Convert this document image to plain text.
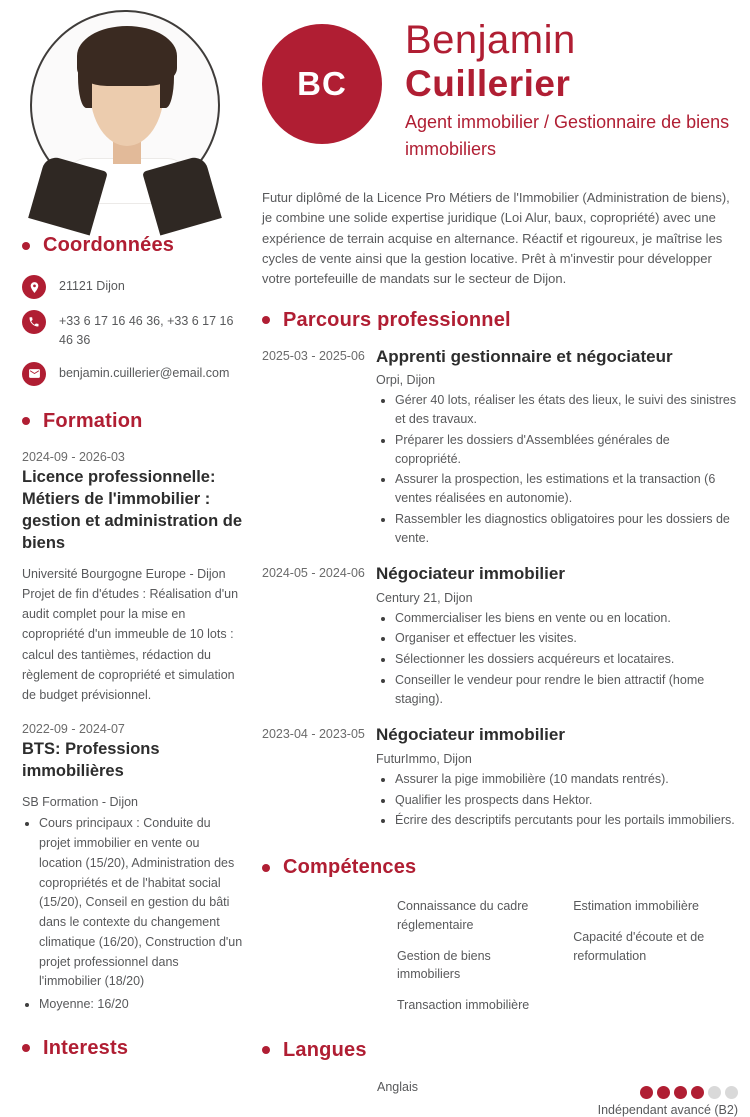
Coordonnées
21121 Dijon
+33 6 17 16 46 36, +33 6 17 16 46 36
benjamin.cuillerier@email.com
Formation
2024-09 - 2026-03
Licence professionnelle: Métiers de l'immobilier : gestion et administration de biens
Université Bourgogne Europe - Dijon
Projet de fin d'études : Réalisation d'un audit complet pour la mise en copropriété d'un immeuble de 10 lots : calcul des tantièmes, rédaction du règlement de copropriété et simulation de budget prévisionnel.
2022-09 - 2024-07
BTS: Professions immobilières
SB Formation - Dijon
• Cours principaux : Conduite du projet immobilier en vente ou location (15/20), Administration des copropriétés et de l'habitat social (15/20), Conseil en gestion du bâti dans le contexte du changement climatique (16/20), Construction d'un projet professionnel dans l'immobilier (18/20)
• Moyenne: 16/20
Interests
BC
Benjamin
Cuillerier
Agent immobilier / Gestionnaire de biens immobiliers

Futur diplômé de la Licence Pro Métiers de l'Immobilier (Administration de biens), je combine une solide expertise juridique (Loi Alur, baux, copropriété) avec une expérience de terrain acquise en alternance. Réactif et rigoureux, je maîtrise les cycles de vente ainsi que la gestion locative. Prêt à m'investir pour développer votre portefeuille de mandats sur le secteur de Dijon.

Parcours professionnel
2025-03 - 2025-06 Apprenti gestionnaire et négociateur
Orpi, Dijon
• Gérer 40 lots, réaliser les états des lieux, le suivi des sinistres et des travaux.
• Préparer les dossiers d'Assemblées générales de copropriété.
• Assurer la prospection, les estimations et la transaction (6 ventes réalisées en autonomie).
• Rassembler les diagnostics obligatoires pour les dossiers de vente.
2024-05 - 2024-06 Négociateur immobilier
Century 21, Dijon
• Commercialiser les biens en vente ou en location.
• Organiser et effectuer les visites.
• Sélectionner les dossiers acquéreurs et locataires.
• Conseiller le vendeur pour rendre le bien attractif (home staging).
2023-04 - 2023-05 Négociateur immobilier
FuturImmo, Dijon
• Assurer la pige immobilière (10 mandats rentrés).
• Qualifier les prospects dans Hektor.
• Écrire des descriptifs percutants pour les portails immobiliers.
Compétences
Connaissance du cadre réglementaire
Gestion de biens immobiliers
Transaction immobilière
Estimation immobilière
Capacité d'écoute et de reformulation
Langues
Anglais
Indépendant avancé (B2)
